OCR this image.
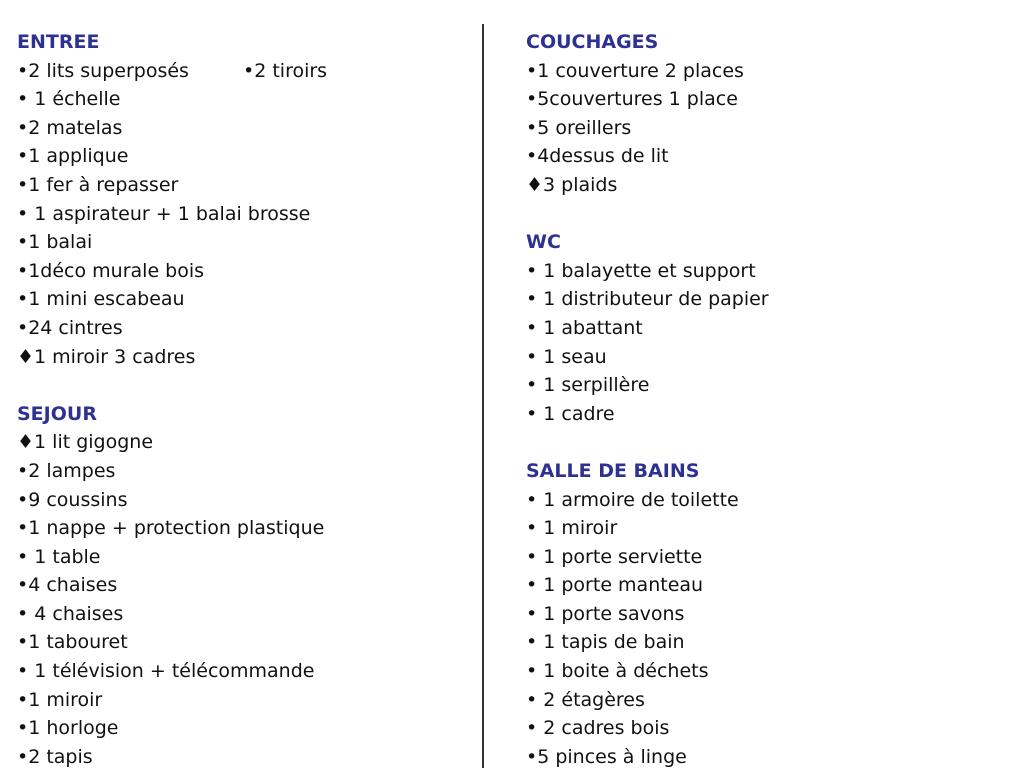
ENTREE
•2 lits superposés
• 1 échelle
•2 matelas
•1 applique
•1 fer à repasser
• 1 aspirateur + 1 balai brosse
•1 balai
•1déco murale bois
•1 mini escabeau
•24 cintres
♦1 miroir 3 cadres
SEJOUR
♦1 lit gigogne
•2 lampes
•9 coussins
•1 nappe + protection plastique
• 1 table
•4 chaises
• 4 chaises
•1 tabouret
• 1 télévision + télécommande
•1 miroir
•1 horloge
•2 tapis
COUCHAGES
•1 couverture 2 places
•5couvertures 1 place
•5 oreillers
•4dessus de lit
♦3 plaids
WC
• 1 balayette et support
• 1 distributeur de papier
• 1 abattant
• 1 seau
• 1 serpillère
• 1 cadre
SALLE DE BAINS
• 1 armoire de toilette
• 1 miroir
• 1 porte serviette
• 1 porte manteau
• 1 porte savons
• 1 tapis de bain
• 1 boite à déchets
• 2 étagères
• 2 cadres bois
•5 pinces à linge
•2 tiroirs
